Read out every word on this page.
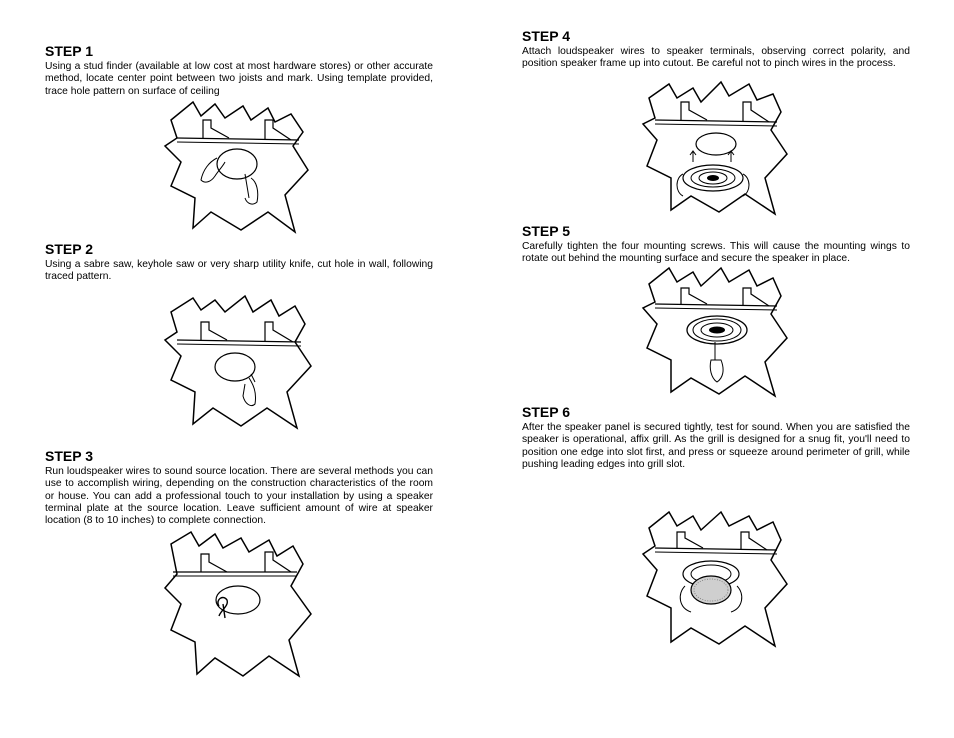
STEP 1

Using a stud finder (available at low cost at most hardware stores) or other accurate method, locate center point between two joists and mark. Using template provided, trace hole pattern on surface of ceiling

STEP 2

Using a sabre saw, keyhole saw or very sharp utility knife, cut hole in wall, following traced pattern.

STEP 3

Run loudspeaker wires to sound source location. There are several methods you can use to accomplish wiring, depending on the construction characteristics of the room or house. You can add a professional touch to your installation by using a speaker terminal plate at the source location. Leave sufficient amount of wire at speaker location (8 to 10 inches) to complete connection.

STEP 4

Attach loudspeaker wires to speaker terminals, observing correct polarity, and position speaker frame up into cutout. Be careful not to pinch wires in the process.

STEP 5

Carefully tighten the four mounting screws. This will cause the mounting wings to rotate out behind the mounting surface and secure the speaker in place.

STEP 6

After the speaker panel is secured tightly, test for sound. When you are satisfied the speaker is operational, affix grill. As the grill is designed for a snug fit, you'll need to position one edge into slot first, and press or squeeze around perimeter of grill, while pushing leading edges into grill slot.
